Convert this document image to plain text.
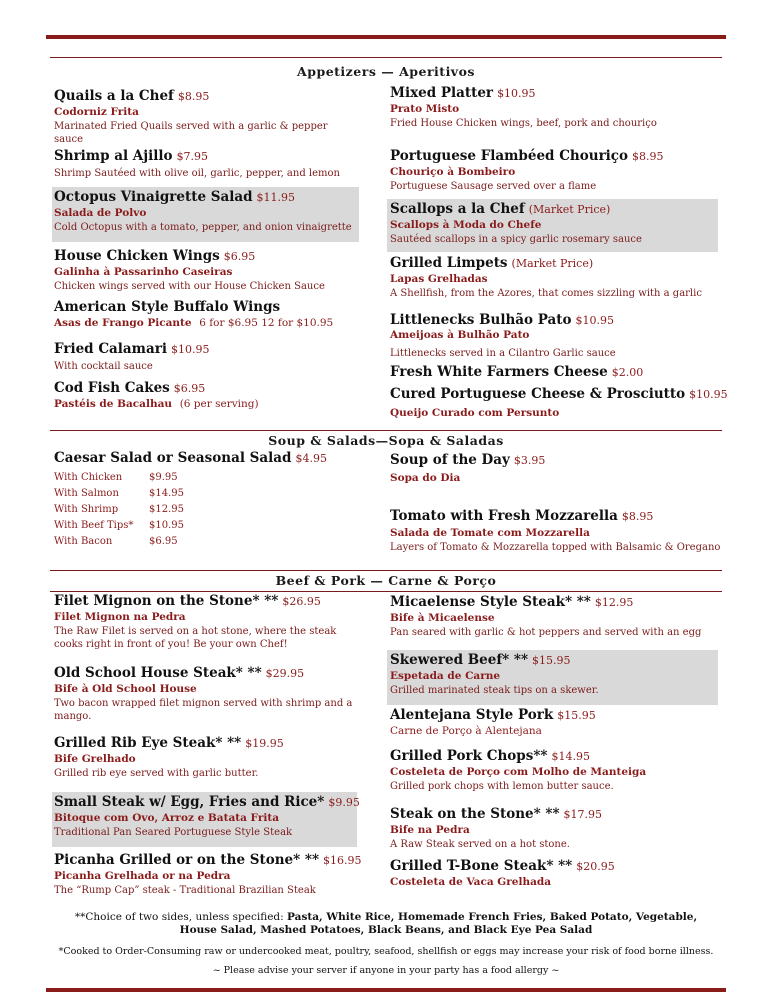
Appetizers — Aperitivos
Quails a la Chef $8.95
Codorniz Frita
Marinated Fried Quails served with a garlic & pepper sauce
Shrimp al Ajillo $7.95
Shrimp Sautéed with olive oil, garlic, pepper, and lemon
Octopus Vinaigrette Salad $11.95
Salada de Polvo
Cold Octopus with a tomato, pepper, and onion vinaigrette
House Chicken Wings $6.95
Galinha à Passarinho Caseiras
Chicken wings served with our House Chicken Sauce
American Style Buffalo Wings
Asas de Frango Picante 6 for $6.95 12 for $10.95
Fried Calamari $10.95
With cocktail sauce
Cod Fish Cakes $6.95
Pastéis de Bacalhau (6 per serving)
Mixed Platter $10.95
Prato Misto
Fried House Chicken wings, beef, pork and chouriço
Portuguese Flambéed Chouriço $8.95
Chouriço à Bombeiro
Portuguese Sausage served over a flame
Scallops a la Chef (Market Price)
Scallops à Moda do Chefe
Sautéed scallops in a spicy garlic rosemary sauce
Grilled Limpets (Market Price)
Lapas Grelhadas
A Shellfish, from the Azores, that comes sizzling with a garlic
Littlenecks Bulhão Pato $10.95
Ameijoas à Bulhão Pato
Littlenecks served in a Cilantro Garlic sauce
Fresh White Farmers Cheese $2.00
Cured Portuguese Cheese & Prosciutto $10.95
Queijo Curado com Persunto
Soup & Salads—Sopa & Saladas
Caesar Salad or Seasonal Salad $4.95
With Chicken	$9.95
With Salmon	$14.95
With Shrimp	$12.95
With Beef Tips*	$10.95
With Bacon	$6.95
Soup of the Day $3.95
Sopa do Dia
Tomato with Fresh Mozzarella $8.95
Salada de Tomate com Mozzarella
Layers of Tomato & Mozzarella topped with Balsamic & Oregano
Beef & Pork — Carne & Porço
Filet Mignon on the Stone* ** $26.95
Filet Mignon na Pedra
The Raw Filet is served on a hot stone, where the steak cooks right in front of you! Be your own Chef!
Old School House Steak* ** $29.95
Bife à Old School House
Two bacon wrapped filet mignon served with shrimp and a mango.
Grilled Rib Eye Steak* ** $19.95
Bife Grelhado
Grilled rib eye served with garlic butter.
Small Steak w/ Egg, Fries and Rice* $9.95
Bitoque com Ovo, Arroz e Batata Frita
Traditional Pan Seared Portuguese Style Steak
Picanha Grilled or on the Stone* ** $16.95
Picanha Grelhada or na Pedra
The “Rump Cap” steak - Traditional Brazilian Steak
Micaelense Style Steak* ** $12.95
Bife à Micaelense
Pan seared with garlic & hot peppers and served with an egg
Skewered Beef* ** $15.95
Espetada de Carne
Grilled marinated steak tips on a skewer.
Alentejana Style Pork $15.95
Carne de Porço à Alentejana
Grilled Pork Chops** $14.95
Costeleta de Porço com Molho de Manteiga
Grilled pork chops with lemon butter sauce.
Steak on the Stone* ** $17.95
Bife na Pedra
A Raw Steak served on a hot stone.
Grilled T-Bone Steak* ** $20.95
Costeleta de Vaca Grelhada
**Choice of two sides, unless specified: Pasta, White Rice, Homemade French Fries, Baked Potato, Vegetable,
House Salad, Mashed Potatoes, Black Beans, and Black Eye Pea Salad
*Cooked to Order-Consuming raw or undercooked meat, poultry, seafood, shellfish or eggs may increase your risk of food borne illness.
~ Please advise your server if anyone in your party has a food allergy ~
